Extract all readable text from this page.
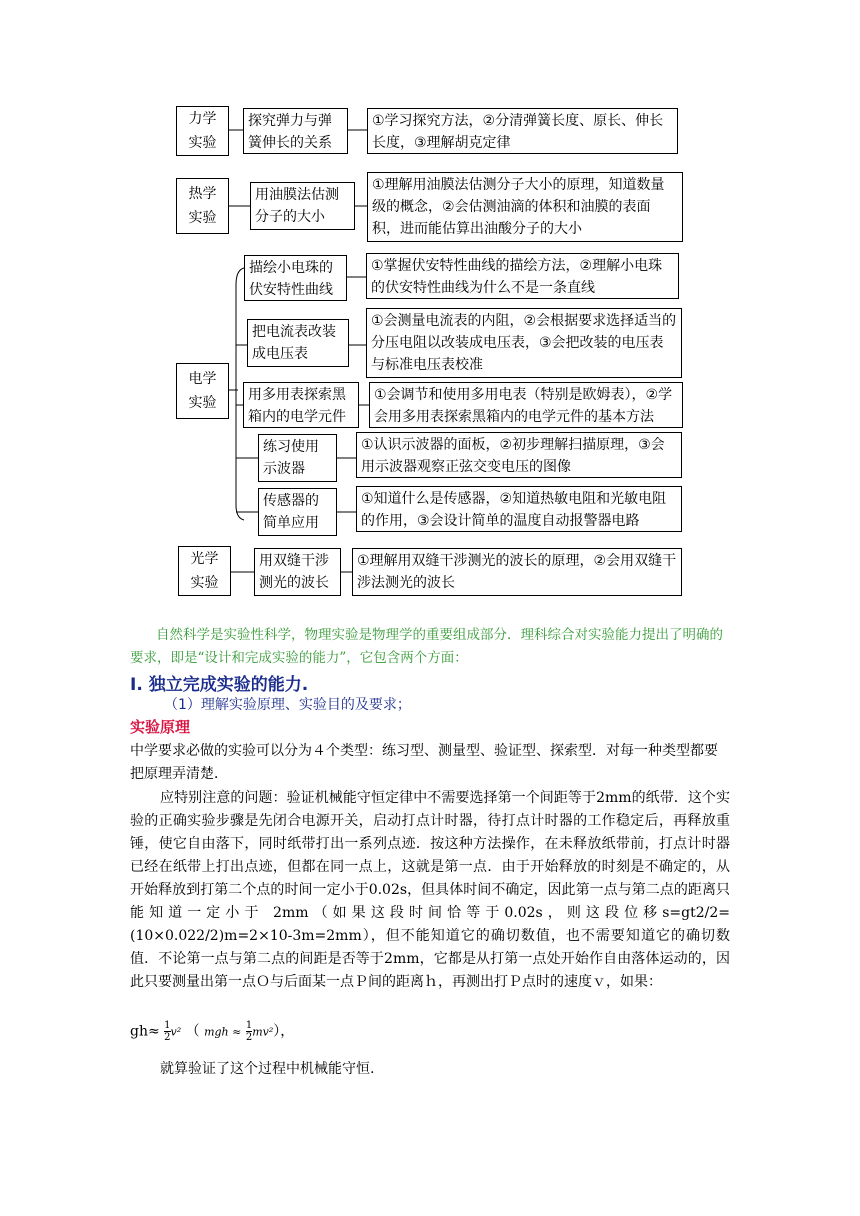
力学
实验
探究弹力与弹簧伸长的关系
①学习探究方法，②分清弹簧长度、原长、伸长长度，③理解胡克定律
热学
实验
用油膜法估测分子的大小
①理解用油膜法估测分子大小的原理，知道数量级的概念，②会估测油滴的体积和油膜的表面积，进而能估算出油酸分子的大小
电学
实验
描绘小电珠的伏安特性曲线
①掌握伏安特性曲线的描绘方法，②理解小电珠的伏安特性曲线为什么不是一条直线
把电流表改装成电压表
①会测量电流表的内阻，②会根据要求选择适当的分压电阻以改装成电压表，③会把改装的电压表与标准电压表校准
用多用表探索黑箱内的电学元件
①会调节和使用多用电表（特别是欧姆表），②学会用多用表探索黑箱内的电学元件的基本方法
练习使用示波器
①认识示波器的面板，②初步理解扫描原理，③会用示波器观察正弦交变电压的图像
传感器的简单应用
①知道什么是传感器，②知道热敏电阻和光敏电阻的作用，③会设计简单的温度自动报警器电路
光学
实验
用双缝干涉测光的波长
①理解用双缝干涉测光的波长的原理，②会用双缝干涉法测光的波长
自然科学是实验性科学，物理实验是物理学的重要组成部分．理科综合对实验能力提出了明确的要求，即是“设计和完成实验的能力”，它包含两个方面：
Ⅰ. 独立完成实验的能力.
（1）理解实验原理、实验目的及要求；
实验原理
中学要求必做的实验可以分为４个类型：练习型、测量型、验证型、探索型．对每一种类型都要把原理弄清楚．
应特别注意的问题：验证机械能守恒定律中不需要选择第一个间距等于2mm的纸带．这个实验的正确实验步骤是先闭合电源开关，启动打点计时器，待打点计时器的工作稳定后，再释放重锤，使它自由落下，同时纸带打出一系列点迹．按这种方法操作，在未释放纸带前，打点计时器已经在纸带上打出点迹，但都在同一点上，这就是第一点．由于开始释放的时刻是不确定的，从开始释放到打第二个点的时间一定小于0.02s，但具体时间不确定，因此第一点与第二点的距离只能知道一定小于 2mm（如果这段时间恰等于0.02s，则这段位移s=gt2/2=(10×0.022/2)m=2×10-3m=2mm），但不能知道它的确切数值，也不需要知道它的确切数值．不论第一点与第二点的间距是否等于2mm，它都是从打第一点处开始作自由落体运动的，因此只要测量出第一点Ｏ与后面某一点Ｐ间的距离ｈ，再测出打Ｐ点时的速度ｖ，如果：
$gh\approx \frac{1}{2} v^2$ （ mgh ≈ $\frac{1}{2} mv^2$），
就算验证了这个过程中机械能守恒.
